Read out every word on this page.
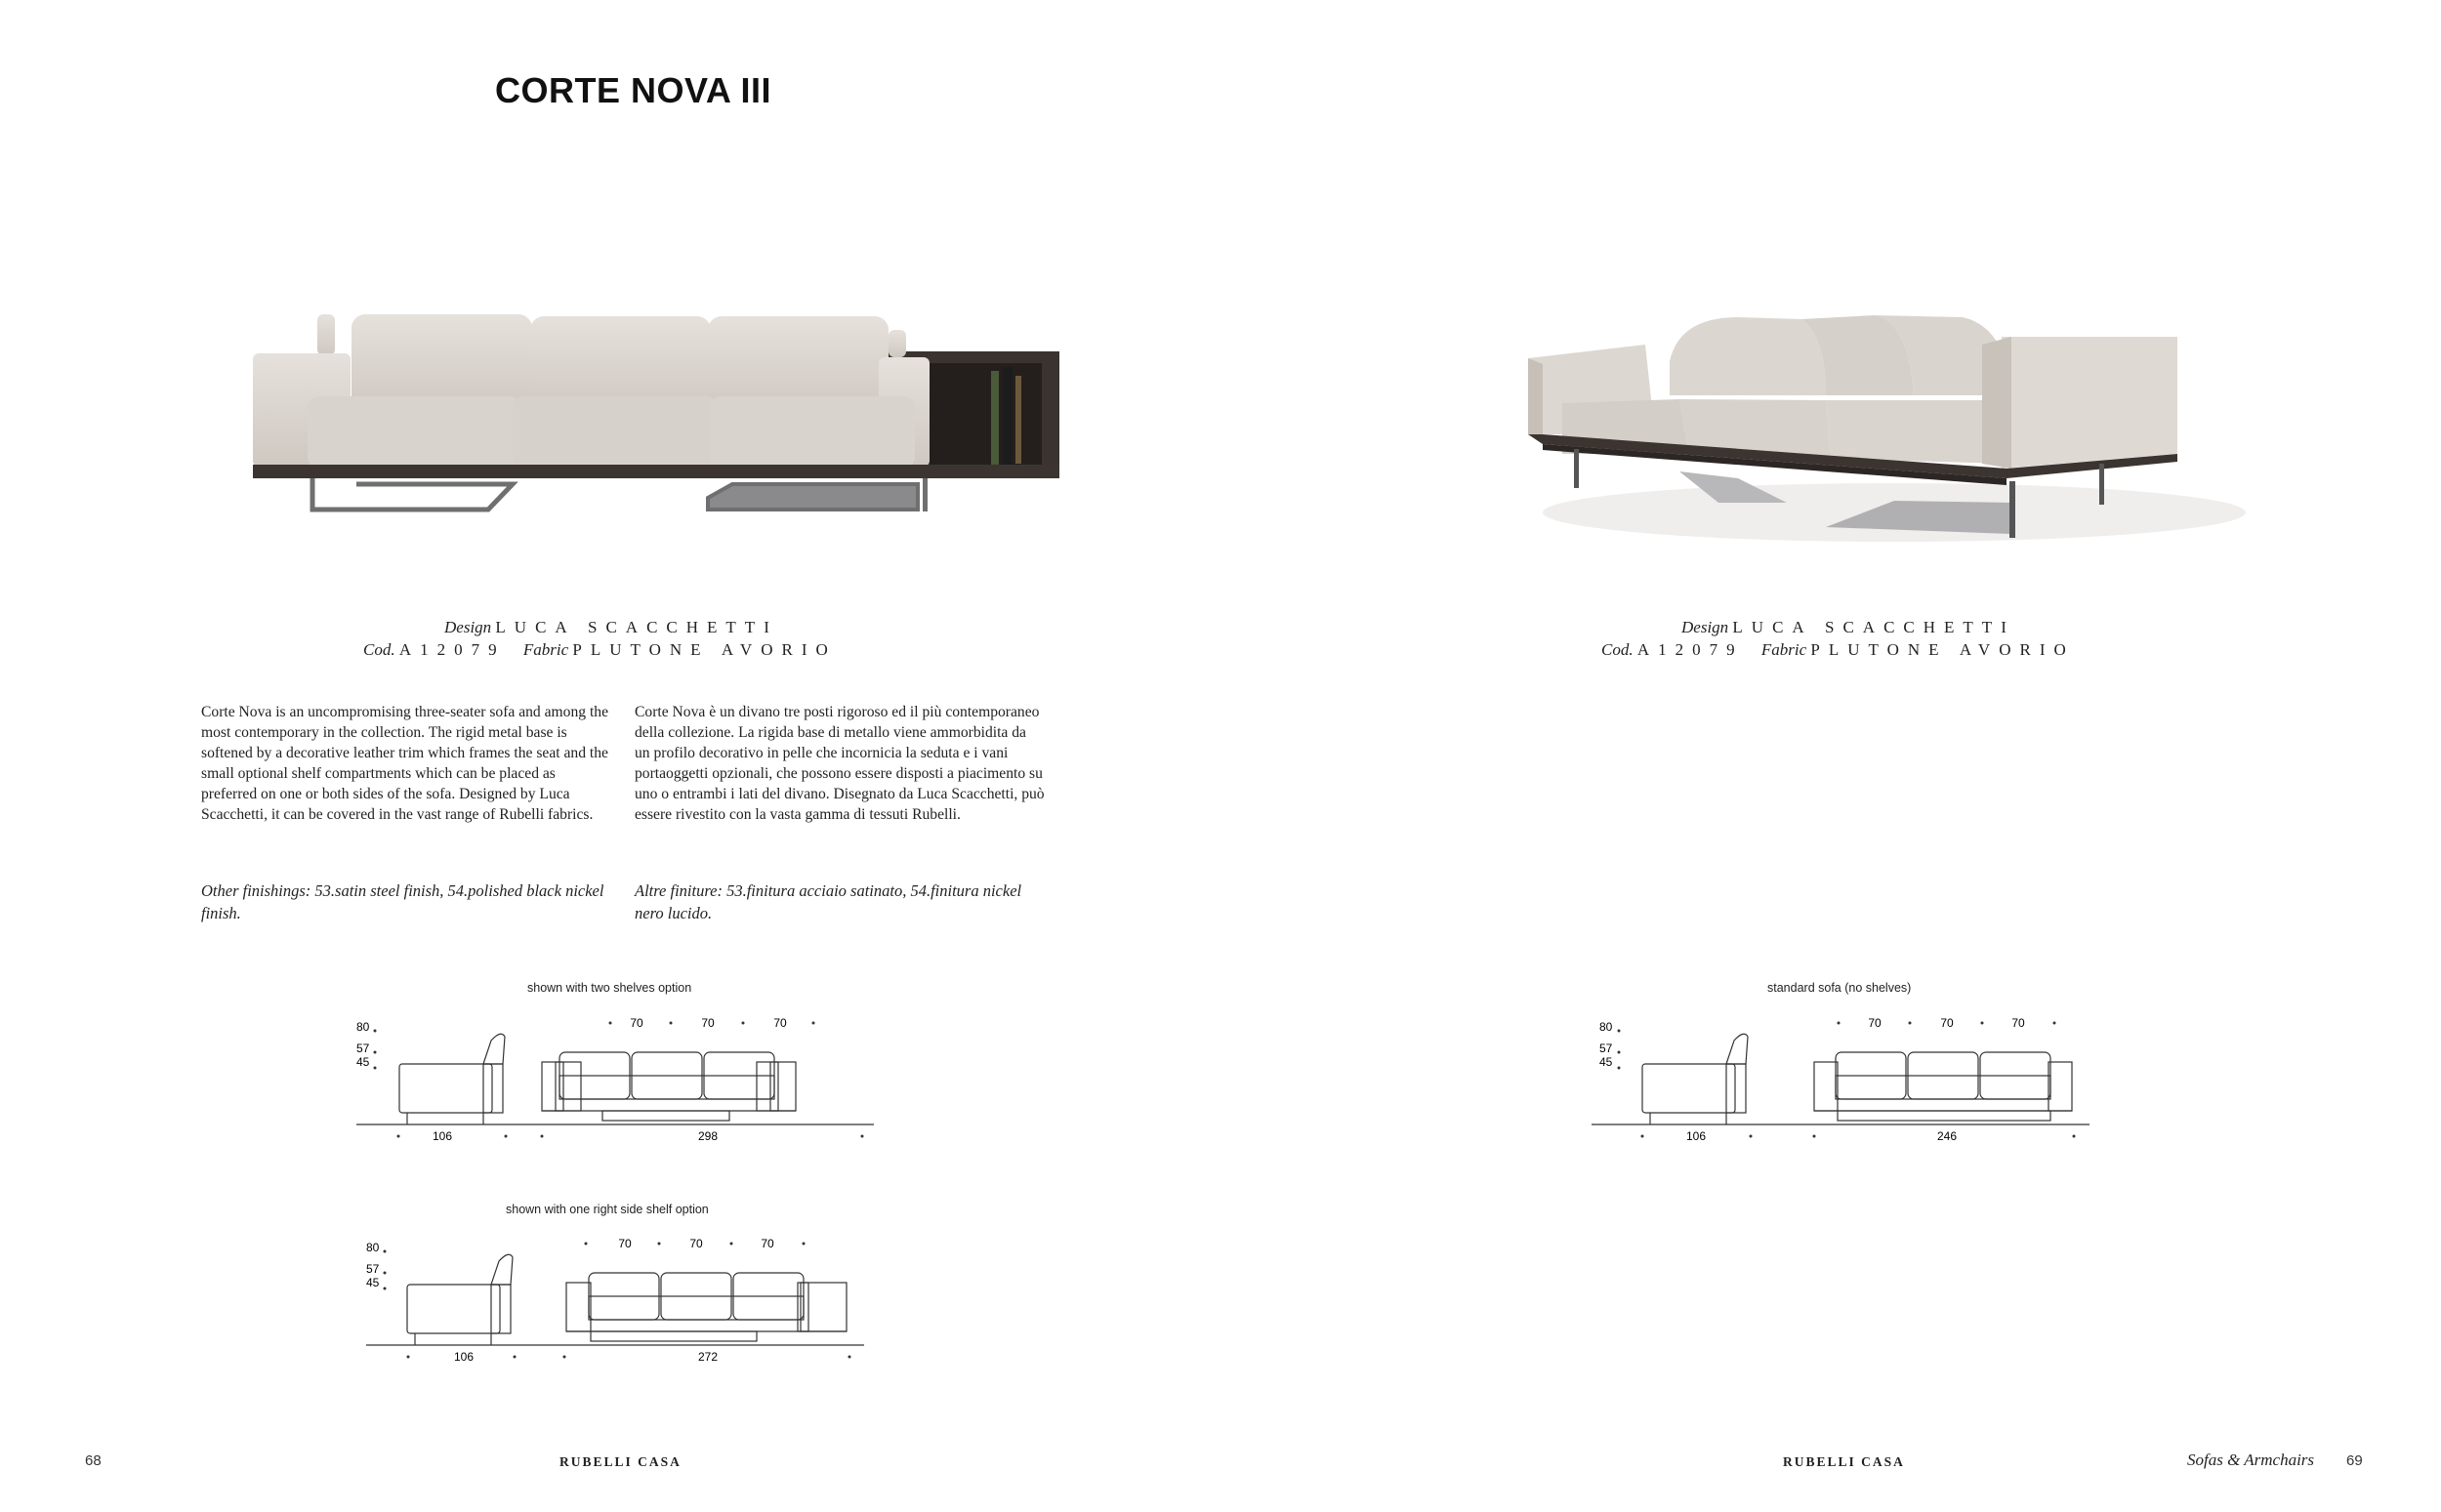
CORTE NOVA III
Design LUCA SCACCHETTI
Cod. A12079 Fabric PLUTONE AVORIO
Design LUCA SCACCHETTI
Cod. A12079 Fabric PLUTONE AVORIO
Corte Nova is an uncompromising three-seater sofa and among the most contemporary in the collection. The rigid metal base is softened by a decorative leather trim which frames the seat and the small optional shelf compartments which can be placed as preferred on one or both sides of the sofa. Designed by Luca Scacchetti, it can be covered in the vast range of Rubelli fabrics.
Other finishings: 53.satin steel finish, 54.polished black nickel finish.
Corte Nova è un divano tre posti rigoroso ed il più contemporaneo della collezione. La rigida base di metallo viene ammorbidita da un profilo decorativo in pelle che incornicia la seduta e i vani portaoggetti opzionali, che possono essere disposti a piacimento su uno o entrambi i lati del divano. Disegnato da Luca Scacchetti, può essere rivestito con la vasta gamma di tessuti Rubelli.
Altre finiture: 53.finitura acciaio satinato, 54.finitura nickel nero lucido.
shown with two shelves option
80
57
45
106	298
70	70	70
shown with one right side shelf option
80
57
45
106	272
70	70	70
standard sofa (no shelves)
80
57
45
106	246
70	70	70
68	RUBELLI CASA	RUBELLI CASA	Sofas & Armchairs 69
